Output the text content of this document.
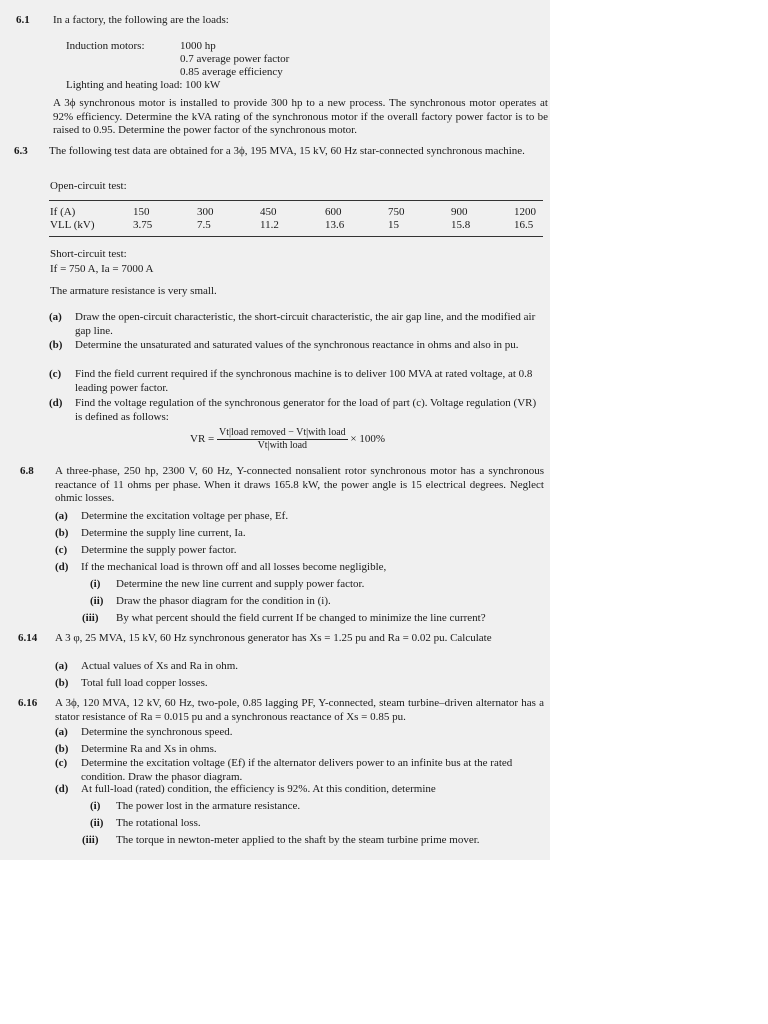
6.1 In a factory, the following are the loads:
Induction motors:	1000 hp
0.7 average power factor
0.85 average efficiency
Lighting and heating load: 100 kW
A 3ϕ synchronous motor is installed to provide 300 hp to a new process. The synchronous motor operates at 92% efficiency. Determine the kVA rating of the synchronous motor if the overall factory power factor is to be raised to 0.95. Determine the power factor of the synchronous motor.
6.3 The following test data are obtained for a 3ϕ, 195 MVA, 15 kV, 60 Hz star-connected synchronous machine.
Open-circuit test:
If (A)	150	300	450	600	750	900	1200
VLL (kV)	3.75	7.5	11.2	13.6	15	15.8	16.5
Short-circuit test:
If = 750 A, Ia = 7000 A
The armature resistance is very small.
(a)	Draw the open-circuit characteristic, the short-circuit characteristic, the air gap line, and the modified air gap line.
(b)	Determine the unsaturated and saturated values of the synchronous reactance in ohms and also in pu.
(c)	Find the field current required if the synchronous machine is to deliver 100 MVA at rated voltage, at 0.8 leading power factor.
(d)	Find the voltage regulation of the synchronous generator for the load of part (c). Voltage regulation (VR) is defined as follows:
VR = $\frac{\text{Vt|load removed − Vt|with load}}{\text{Vt|with load}} \times 100\%$
6.8 A three-phase, 250 hp, 2300 V, 60 Hz, Y-connected nonsalient rotor synchronous motor has a synchronous reactance of 11 ohms per phase. When it draws 165.8 kW, the power angle is 15 electrical degrees. Neglect ohmic losses.
(a) Determine the excitation voltage per phase, Ef.
(b) Determine the supply line current, Ia.
(c) Determine the supply power factor.
(d) If the mechanical load is thrown off and all losses become negligible,
(i) Determine the new line current and supply power factor.
(ii) Draw the phasor diagram for the condition in (i).
(iii) By what percent should the field current If be changed to minimize the line current?
6.14 A 3 φ, 25 MVA, 15 kV, 60 Hz synchronous generator has Xs = 1.25 pu and Ra = 0.02 pu. Calculate
(a) Actual values of Xs and Ra in ohm.
(b) Total full load copper losses.
6.16 A 3ϕ, 120 MVA, 12 kV, 60 Hz, two-pole, 0.85 lagging PF, Y-connected, steam turbine–driven alternator has a stator resistance of Ra = 0.015 pu and a synchronous reactance of Xs = 0.85 pu.
(a) Determine the synchronous speed.
(b) Determine Ra and Xs in ohms.
(c)	Determine the excitation voltage (Ef) if the alternator delivers power to an infinite bus at the rated condition. Draw the phasor diagram.
(d) At full-load (rated) condition, the efficiency is 92%. At this condition, determine
(i) The power lost in the armature resistance.
(ii) The rotational loss.
(iii) The torque in newton-meter applied to the shaft by the steam turbine prime mover.
